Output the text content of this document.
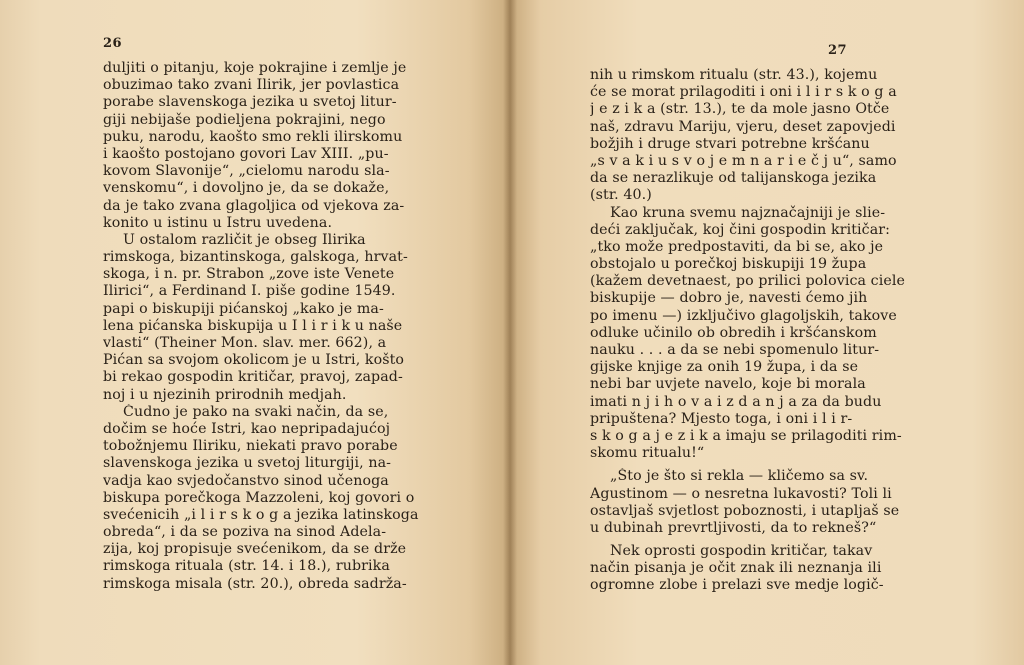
26
duljiti o pitanju, koje pokrajine i zemlje je
obuzimao tako zvani Ilirik, jer povlastica
porabe slavenskoga jezika u svetoj litur-
giji nebijaše podieljena pokrajini, nego
puku, narodu, kaošto smo rekli ilirskomu
i kaošto postojano govori Lav XIII. „pu-
kovom Slavonije“, „cielomu narodu sla-
venskomu“, i dovoljno je, da se dokaže,
da je tako zvana glagoljica od vjekova za-
konito u istinu u Istru uvedena.
U ostalom različit je obseg Ilirika
rimskoga, bizantinskoga, galskoga, hrvat-
skoga, i n. pr. Strabon „zove iste Venete
Ilirici“, a Ferdinand I. piše godine 1549.
papi o biskupiji pićanskoj „kako je ma-
lena pićanska biskupija u I l i r i k u naše
vlasti“ (Theiner Mon. slav. mer. 662), a
Pićan sa svojom okolicom je u Istri, košto
bi rekao gospodin kritičar, pravoj, zapad-
noj i u njezinih prirodnih medjah.
Čudno je pako na svaki način, da se,
dočim se hoće Istri, kao nepripadajućoj
tobožnjemu Iliriku, niekati pravo porabe
slavenskoga jezika u svetoj liturgiji, na-
vadja kao svjedočanstvo sinod učenoga
biskupa porečkoga Mazzoleni, koj govori o
svećenicih „i l i r s k o g a jezika latinskoga
obreda“, i da se poziva na sinod Adela-
zija, koj propisuje svećenikom, da se drže
rimskoga rituala (str. 14. i 18.), rubrika
rimskoga misala (str. 20.), obreda sadrža-
27
nih u rimskom ritualu (str. 43.), kojemu
će se morat prilagoditi i oni i l i r s k o g a
j e z i k a (str. 13.), te da mole jasno Otče
naš, zdravu Mariju, vjeru, deset zapovjedi
božjih i druge stvari potrebne kršćanu
„s v a k i u s v o j e m n a r i e č j u“, samo
da se nerazlikuje od talijanskoga jezika
(str. 40.)
Kao kruna svemu najznačajniji je slie-
deći zaključak, koj čini gospodin kritičar:
„tko može predpostaviti, da bi se, ako je
obstojalo u porečkoj biskupiji 19 župa
(kažem devetnaest, po prilici polovica ciele
biskupije — dobro je, navesti ćemo jih
po imenu —) izključivo glagoljskih, takove
odluke učinilo ob obredih i kršćanskom
nauku . . . a da se nebi spomenulo litur-
gijske knjige za onih 19 župa, i da se
nebi bar uvjete navelo, koje bi morala
imati n j i h o v a i z d a n j a za da budu
pripuštena? Mjesto toga, i oni i l i r-
s k o g a j e z i k a imaju se prilagoditi rim-
skomu ritualu!“
„Što je što si rekla — kličemo sa sv.
Agustinom — o nesretna lukavosti? Toli li
ostavljaš svjetlost poboznosti, i utapljaš se
u dubinah prevrtljivosti, da to rekneš?“
Nek oprosti gospodin kritičar, takav
način pisanja je očit znak ili neznanja ili
ogromne zlobe i prelazi sve medje logič-
